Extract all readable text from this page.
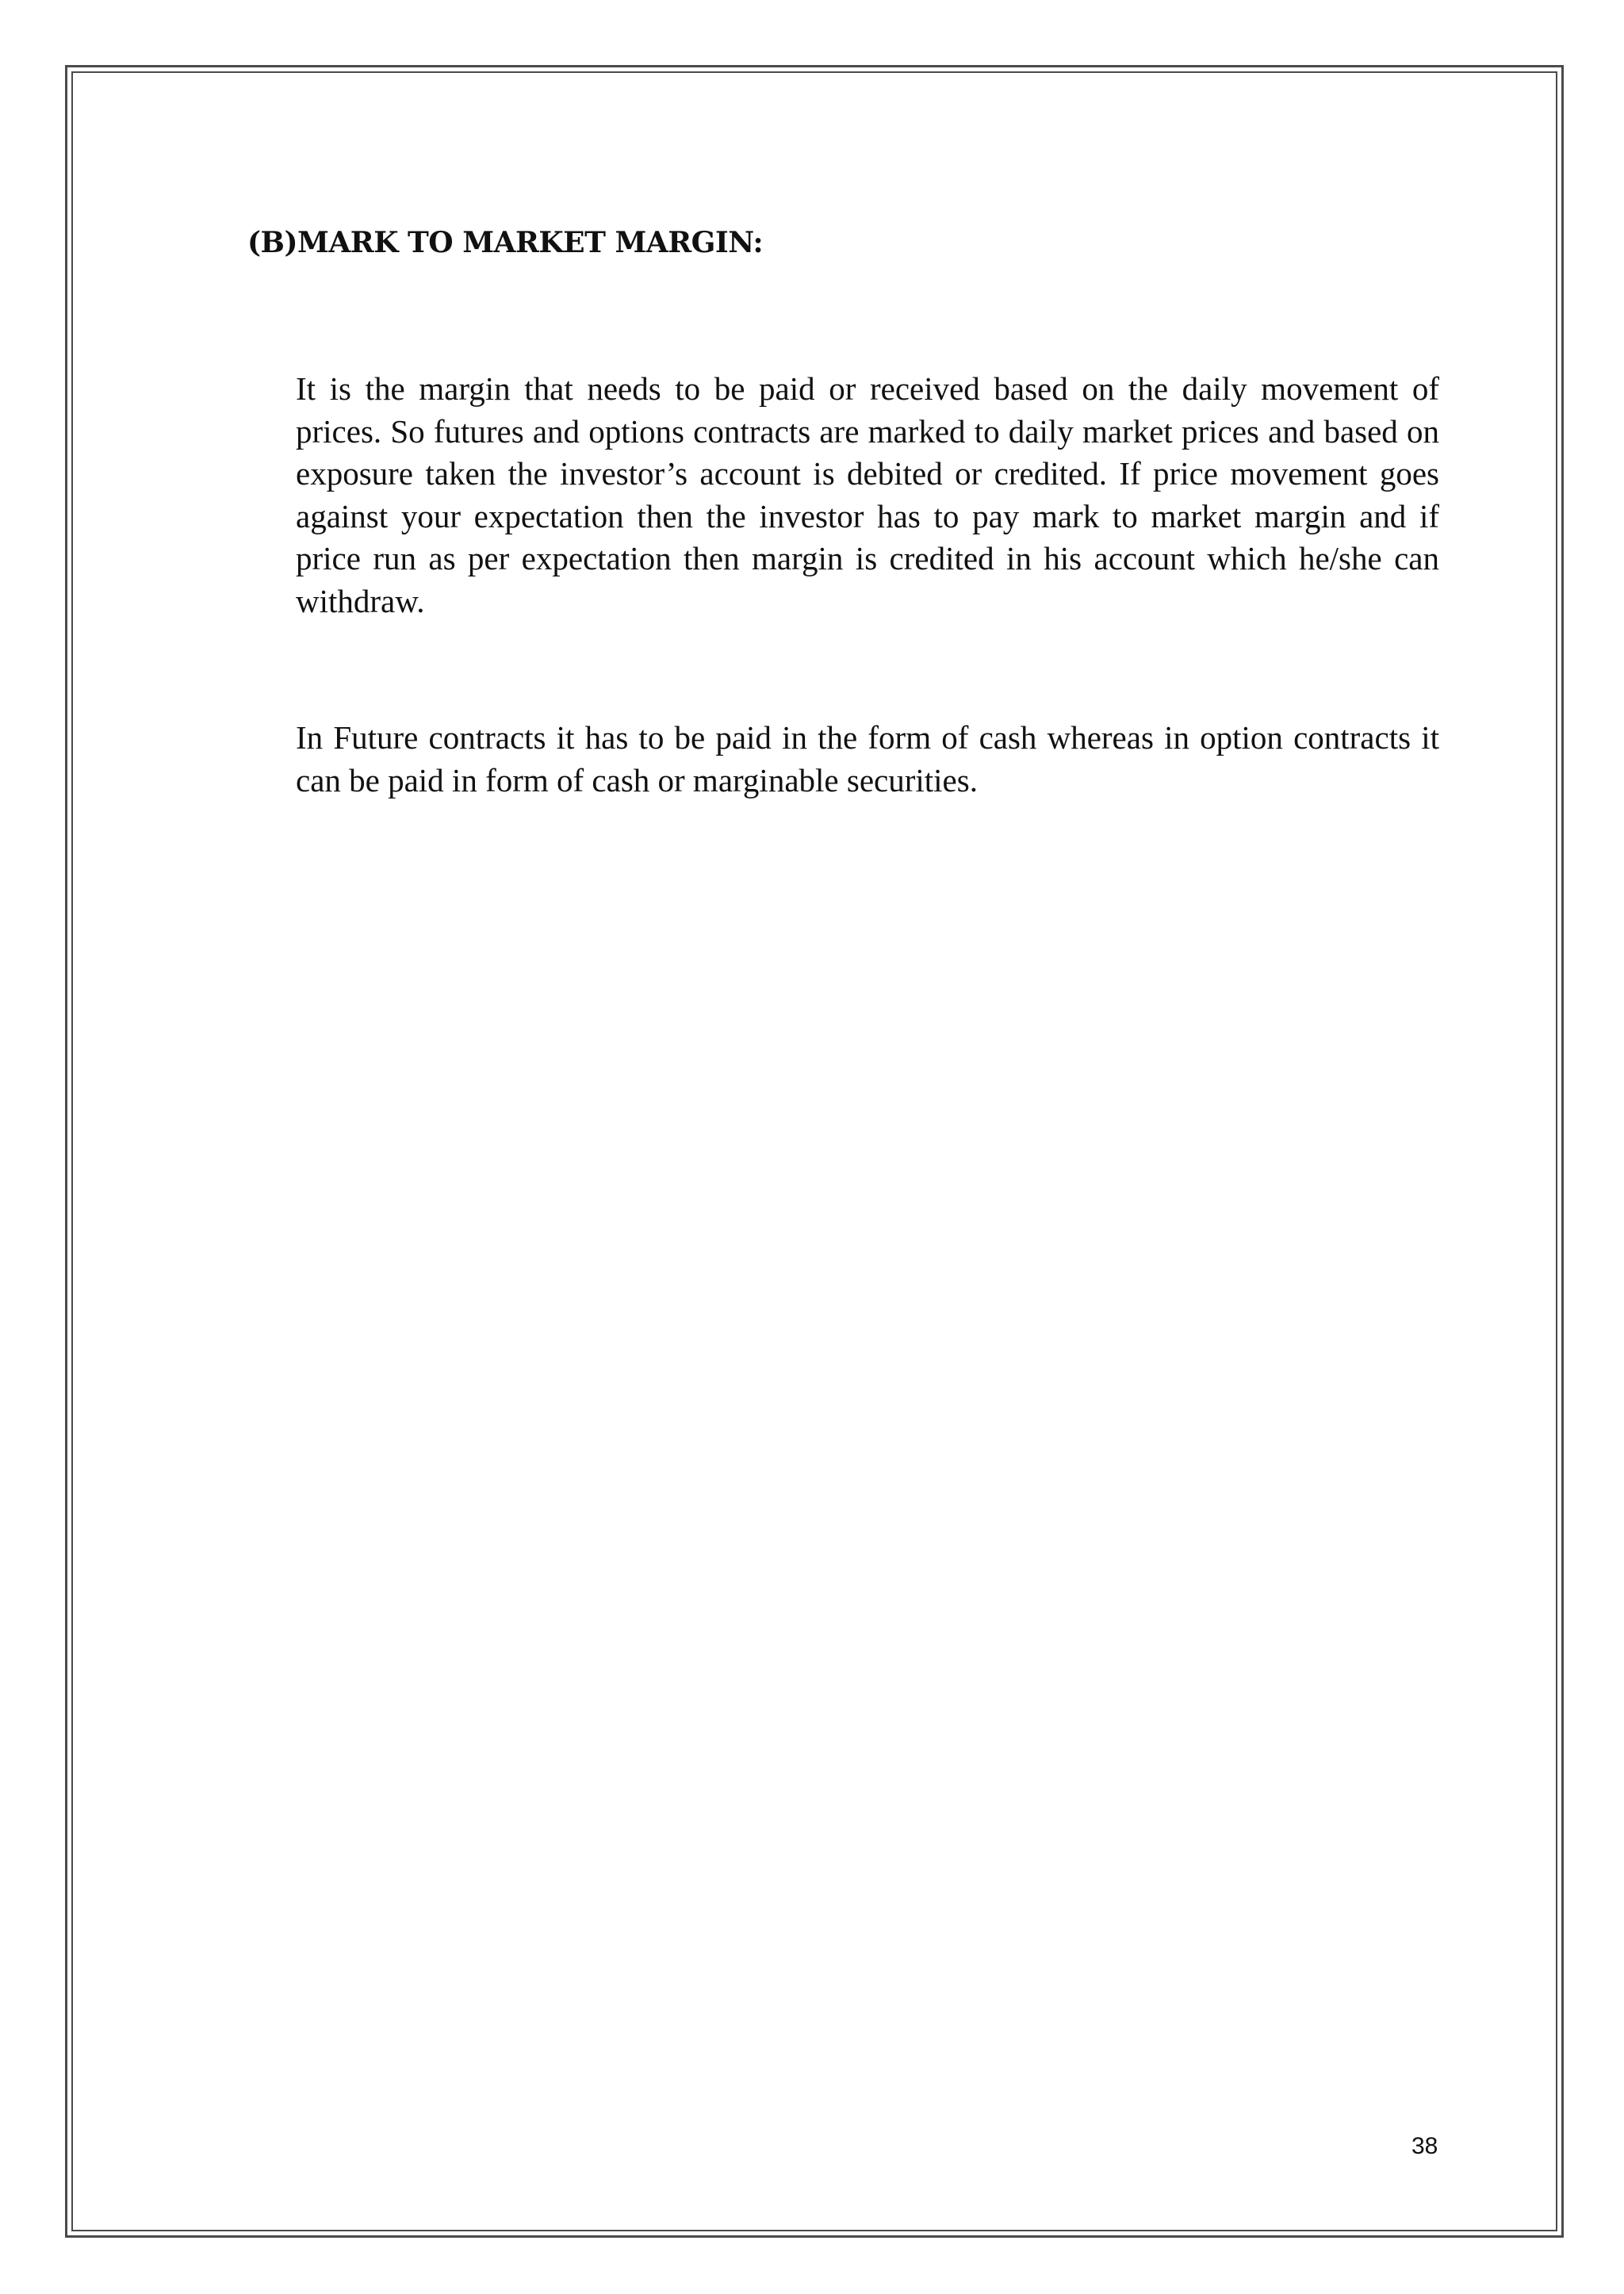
(B)MARK TO MARKET MARGIN:

It is the margin that needs to be paid or received based on the daily movement of prices. So futures and options contracts are marked to daily market prices and based on exposure taken the investor’s account is debited or credited. If price movement goes against your expectation then the investor has to pay mark to market margin and if price run as per expectation then margin is credited in his account which he/she can withdraw.

In Future contracts it has to be paid in the form of cash whereas in option contracts it can be paid in form of cash or marginable securities.

38
